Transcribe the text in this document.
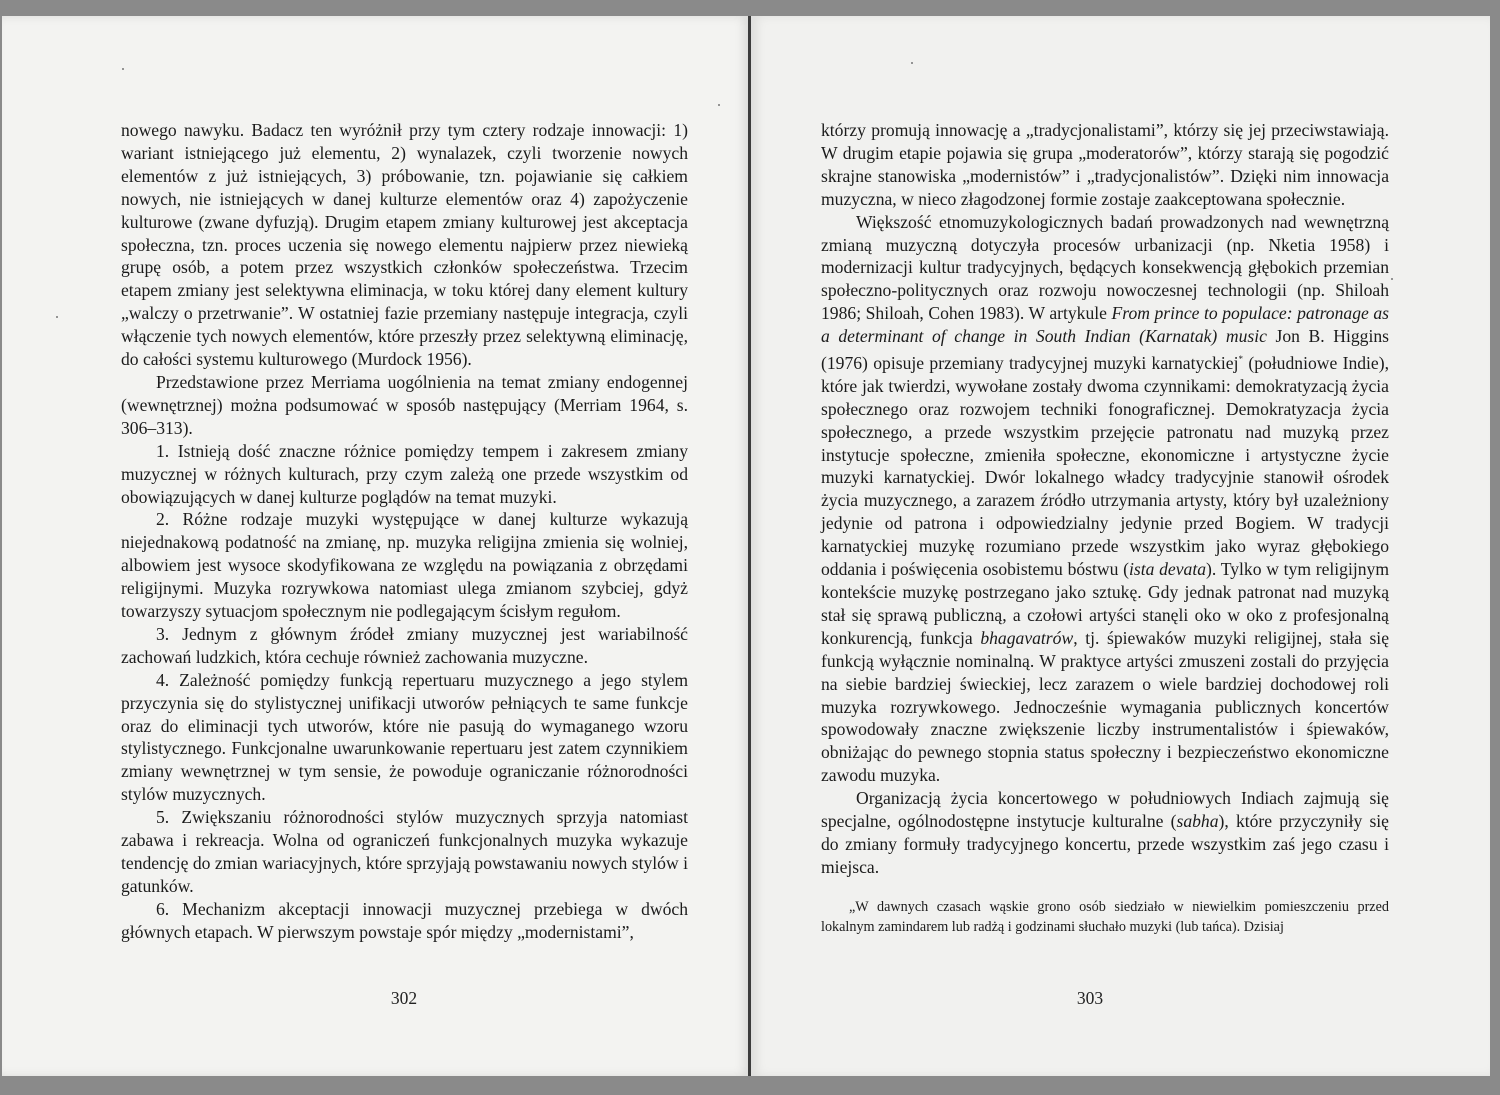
nowego nawyku. Badacz ten wyróżnił przy tym cztery rodzaje innowacji: 1) wariant istniejącego już elementu, 2) wynalazek, czyli tworzenie nowych elementów z już istniejących, 3) próbowanie, tzn. pojawianie się całkiem nowych, nie istniejących w danej kulturze elementów oraz 4) zapożyczenie kulturowe (zwane dyfuzją). Drugim etapem zmiany kulturowej jest akceptacja społeczna, tzn. proces uczenia się nowego elementu najpierw przez niewieką grupę osób, a potem przez wszystkich członków społeczeństwa. Trzecim etapem zmiany jest selektywna eliminacja, w toku której dany element kultury „walczy o przetrwanie”. W ostatniej fazie przemiany następuje integracja, czyli włączenie tych nowych elementów, które przeszły przez selektywną eliminację, do całości systemu kulturowego (Murdock 1956).

Przedstawione przez Merriama uogólnienia na temat zmiany endogennej (wewnętrznej) można podsumować w sposób następujący (Merriam 1964, s. 306–313).

1. Istnieją dość znaczne różnice pomiędzy tempem i zakresem zmiany muzycznej w różnych kulturach, przy czym zależą one przede wszystkim od obowiązujących w danej kulturze poglądów na temat muzyki.

2. Różne rodzaje muzyki występujące w danej kulturze wykazują niejednakową podatność na zmianę, np. muzyka religijna zmienia się wolniej, albowiem jest wysoce skodyfikowana ze względu na powiązania z obrzędami religijnymi. Muzyka rozrywkowa natomiast ulega zmianom szybciej, gdyż towarzyszy sytuacjom społecznym nie podlegającym ścisłym regułom.

3. Jednym z głównym źródeł zmiany muzycznej jest wariabilność zachowań ludzkich, która cechuje również zachowania muzyczne.

4. Zależność pomiędzy funkcją repertuaru muzycznego a jego stylem przyczynia się do stylistycznej unifikacji utworów pełniących te same funkcje oraz do eliminacji tych utworów, które nie pasują do wymaganego wzoru stylistycznego. Funkcjonalne uwarunkowanie repertuaru jest zatem czynnikiem zmiany wewnętrznej w tym sensie, że powoduje ograniczanie różnorodności stylów muzycznych.

5. Zwiększaniu różnorodności stylów muzycznych sprzyja natomiast zabawa i rekreacja. Wolna od ograniczeń funkcjonalnych muzyka wykazuje tendencję do zmian wariacyjnych, które sprzyjają powstawaniu nowych stylów i gatunków.

6. Mechanizm akceptacji innowacji muzycznej przebiega w dwóch głównych etapach. W pierwszym powstaje spór między „modernistami”,

302

którzy promują innowację a „tradycjonalistami”, którzy się jej przeciwstawiają. W drugim etapie pojawia się grupa „moderatorów”, którzy starają się pogodzić skrajne stanowiska „modernistów” i „tradycjonalistów”. Dzięki nim innowacja muzyczna, w nieco złagodzonej formie zostaje zaakceptowana społecznie.

Większość etnomuzykologicznych badań prowadzonych nad wewnętrzną zmianą muzyczną dotyczyła procesów urbanizacji (np. Nketia 1958) i modernizacji kultur tradycyjnych, będących konsekwencją głębokich przemian społeczno-politycznych oraz rozwoju nowoczesnej technologii (np. Shiloah 1986; Shiloah, Cohen 1983). W artykule From prince to populace: patronage as a determinant of change in South Indian (Karnatak) music Jon B. Higgins (1976) opisuje przemiany tradycyjnej muzyki karnatyckiej* (południowe Indie), które jak twierdzi, wywołane zostały dwoma czynnikami: demokratyzacją życia społecznego oraz rozwojem techniki fonograficznej. Demokratyzacja życia społecznego, a przede wszystkim przejęcie patronatu nad muzyką przez instytucje społeczne, zmieniła społeczne, ekonomiczne i artystyczne życie muzyki karnatyckiej. Dwór lokalnego władcy tradycyjnie stanowił ośrodek życia muzycznego, a zarazem źródło utrzymania artysty, który był uzależniony jedynie od patrona i odpowiedzialny jedynie przed Bogiem. W tradycji karnatyckiej muzykę rozumiano przede wszystkim jako wyraz głębokiego oddania i poświęcenia osobistemu bóstwu (ista devata). Tylko w tym religijnym kontekście muzykę postrzegano jako sztukę. Gdy jednak patronat nad muzyką stał się sprawą publiczną, a czołowi artyści stanęli oko w oko z profesjonalną konkurencją, funkcja bhagavatrów, tj. śpiewaków muzyki religijnej, stała się funkcją wyłącznie nominalną. W praktyce artyści zmuszeni zostali do przyjęcia na siebie bardziej świeckiej, lecz zarazem o wiele bardziej dochodowej roli muzyka rozrywkowego. Jednocześnie wymagania publicznych koncertów spowodowały znaczne zwiększenie liczby instrumentalistów i śpiewaków, obniżając do pewnego stopnia status społeczny i bezpieczeństwo ekonomiczne zawodu muzyka.

Organizacją życia koncertowego w południowych Indiach zajmują się specjalne, ogólnodostępne instytucje kulturalne (sabha), które przyczyniły się do zmiany formuły tradycyjnego koncertu, przede wszystkim zaś jego czasu i miejsca.

„W dawnych czasach wąskie grono osób siedziało w niewielkim pomieszczeniu przed lokalnym zamindarem lub radżą i godzinami słuchało muzyki (lub tańca). Dzisiaj

303
